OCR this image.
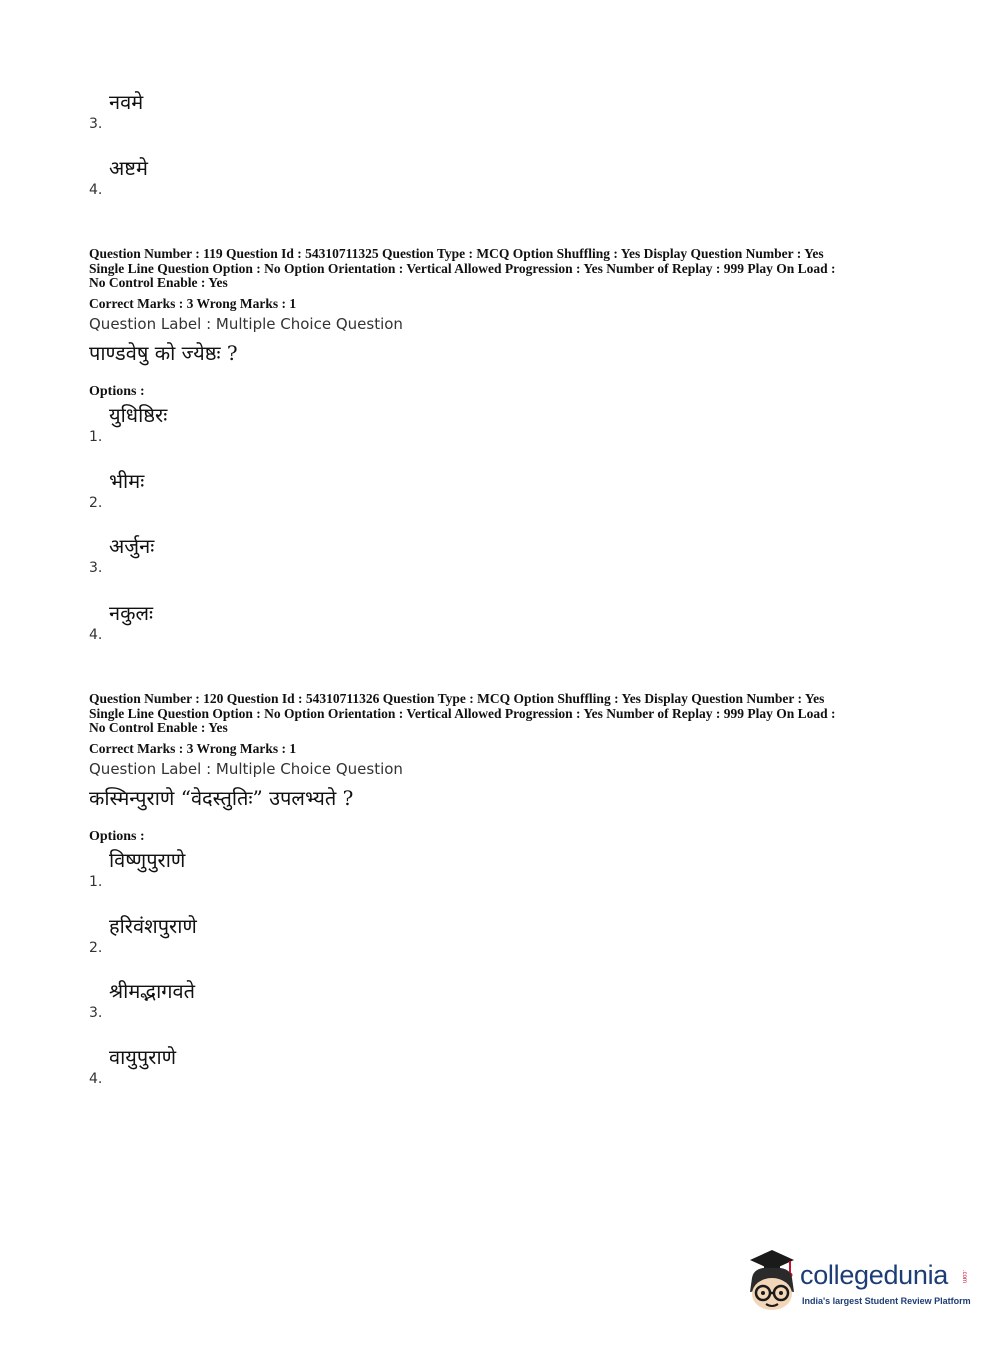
3.
नवमे
4.
अष्टमे

Question Number : 119 Question Id : 54310711325 Question Type : MCQ Option Shuffling : Yes Display Question Number : Yes

Single Line Question Option : No Option Orientation : Vertical Allowed Progression : Yes Number of Replay : 999 Play On Load :

No Control Enable : Yes

Correct Marks : 3 Wrong Marks : 1

Question Label : Multiple Choice Question

पाण्डवेषु को ज्येष्ठः ?

Options :
1.
युधिष्ठिरः
2.
भीमः
3.
अर्जुनः
4.
नकुलः

Question Number : 120 Question Id : 54310711326 Question Type : MCQ Option Shuffling : Yes Display Question Number : Yes

Single Line Question Option : No Option Orientation : Vertical Allowed Progression : Yes Number of Replay : 999 Play On Load :

No Control Enable : Yes

Correct Marks : 3 Wrong Marks : 1

Question Label : Multiple Choice Question

कस्मिन्पुराणे “वेदस्तुतिः” उपलभ्यते ?

Options :
1.
विष्णुपुराणे
2.
हरिवंशपुराणे
3.
श्रीमद्भागवते
4.
वायुपुराणे
collegedunia .com
India's largest Student Review Platform
